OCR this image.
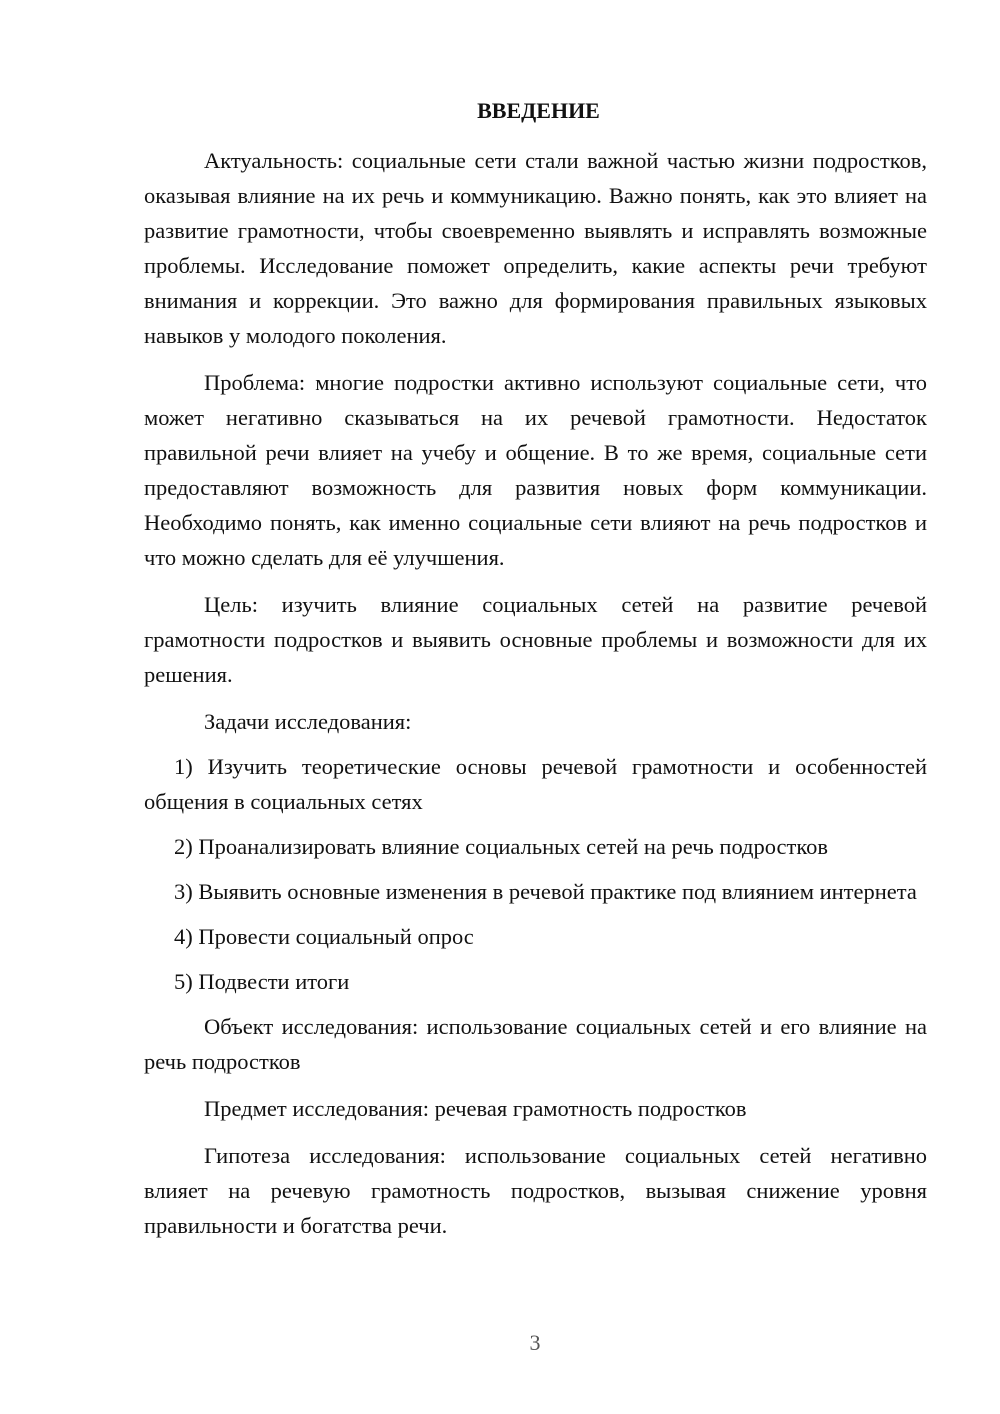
ВВЕДЕНИЕ

Актуальность: социальные сети стали важной частью жизни подростков, оказывая влияние на их речь и коммуникацию. Важно понять, как это влияет на развитие грамотности, чтобы своевременно выявлять и исправлять возможные проблемы. Исследование поможет определить, какие аспекты речи требуют внимания и коррекции. Это важно для формирования правильных языковых навыков у молодого поколения.

Проблема: многие подростки активно используют социальные сети, что может негативно сказываться на их речевой грамотности. Недостаток правильной речи влияет на учебу и общение. В то же время, социальные сети предоставляют возможность для развития новых форм коммуникации. Необходимо понять, как именно социальные сети влияют на речь подростков и что можно сделать для её улучшения.

Цель: изучить влияние социальных сетей на развитие речевой грамотности подростков и выявить основные проблемы и возможности для их решения.

Задачи исследования:

1) Изучить теоретические основы речевой грамотности и особенностей общения в социальных сетях

2) Проанализировать влияние социальных сетей на речь подростков

3) Выявить основные изменения в речевой практике под влиянием интернета

4) Провести социальный опрос

5) Подвести итоги

Объект исследования: использование социальных сетей и его влияние на речь подростков

Предмет исследования: речевая грамотность подростков

Гипотеза исследования: использование социальных сетей негативно влияет на речевую грамотность подростков, вызывая снижение уровня правильности и богатства речи.

3
